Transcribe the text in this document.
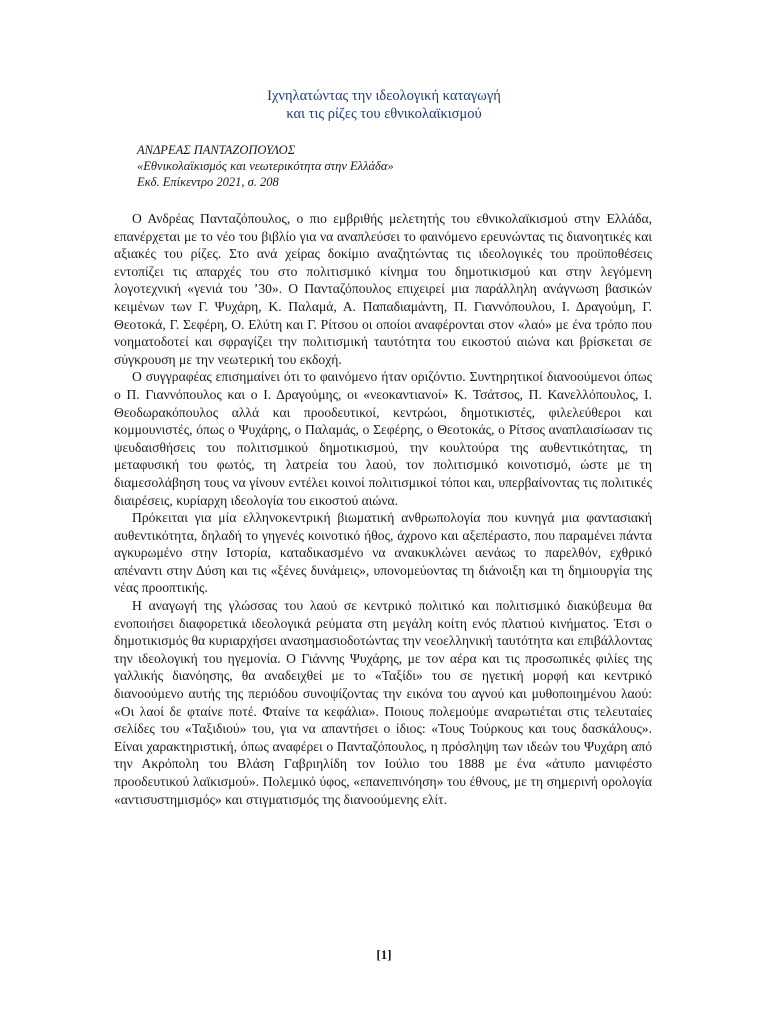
Ιχνηλατώντας την ιδεολογική καταγωγή
και τις ρίζες του εθνικολαϊκισμού
ΑΝΔΡΕΑΣ ΠΑΝΤΑΖΟΠΟΥΛΟΣ
«Εθνικολαϊκισμός και νεωτερικότητα στην Ελλάδα»
Εκδ. Επίκεντρο 2021, σ. 208

Ο Ανδρέας Πανταζόπουλος, ο πιο εμβριθής μελετητής του εθνικολαϊκισμού στην Ελλάδα, επανέρχεται με το νέο του βιβλίο για να αναπλεύσει το φαινόμενο ερευνώντας τις διανοητικές και αξιακές του ρίζες. Στο ανά χείρας δοκίμιο αναζητώντας τις ιδεολογικές του προϋποθέσεις εντοπίζει τις απαρχές του στο πολιτισμικό κίνημα του δημοτικισμού και στην λεγόμενη λογοτεχνική «γενιά του ’30». Ο Πανταζόπουλος επιχειρεί μια παράλληλη ανάγνωση βασικών κειμένων των Γ. Ψυχάρη, Κ. Παλαμά, Α. Παπαδιαμάντη, Π. Γιαννόπουλου, Ι. Δραγούμη, Γ. Θεοτοκά, Γ. Σεφέρη, Ο. Ελύτη και Γ. Ρίτσου οι οποίοι αναφέρονται στον «λαό» με ένα τρόπο που νοηματοδοτεί και σφραγίζει την πολιτισμική ταυτότητα του εικοστού αιώνα και βρίσκεται σε σύγκρουση με την νεωτερική του εκδοχή.

Ο συγγραφέας επισημαίνει ότι το φαινόμενο ήταν οριζόντιο. Συντηρητικοί διανοούμενοι όπως ο Π. Γιαννόπουλος και ο Ι. Δραγούμης, οι «νεοκαντιανοί» Κ. Τσάτσος, Π. Κανελλόπουλος, Ι. Θεοδωρακόπουλος αλλά και προοδευτικοί, κεντρώοι, δημοτικιστές, φιλελεύθεροι και κομμουνιστές, όπως ο Ψυχάρης, ο Παλαμάς, ο Σεφέρης, ο Θεοτοκάς, ο Ρίτσος αναπλαισίωσαν τις ψευδαισθήσεις του πολιτισμικού δημοτικισμού, την κουλτούρα της αυθεντικότητας, τη μεταφυσική του φωτός, τη λατρεία του λαού, τον πολιτισμικό κοινοτισμό, ώστε με τη διαμεσολάβηση τους να γίνουν εντέλει κοινοί πολιτισμικοί τόποι και, υπερβαίνοντας τις πολιτικές διαιρέσεις, κυρίαρχη ιδεολογία του εικοστού αιώνα.

Πρόκειται για μία ελληνοκεντρική βιωματική ανθρωπολογία που κυνηγά μια φαντασιακή αυθεντικότητα, δηλαδή το γηγενές κοινοτικό ήθος, άχρονο και αξεπέραστο, που παραμένει πάντα αγκυρωμένο στην Ιστορία, καταδικασμένο να ανακυκλώνει αενάως το παρελθόν, εχθρικό απέναντι στην Δύση και τις «ξένες δυνάμεις», υπονομεύοντας τη διάνοιξη και τη δημιουργία της νέας προοπτικής.

Η αναγωγή της γλώσσας του λαού σε κεντρικό πολιτικό και πολιτισμικό διακύβευμα θα ενοποιήσει διαφορετικά ιδεολογικά ρεύματα στη μεγάλη κοίτη ενός πλατιού κινήματος. Έτσι ο δημοτικισμός θα κυριαρχήσει ανασημασιοδοτώντας την νεοελληνική ταυτότητα και επιβάλλοντας την ιδεολογική του ηγεμονία. Ο Γιάννης Ψυχάρης, με τον αέρα και τις προσωπικές φιλίες της γαλλικής διανόησης, θα αναδειχθεί με το «Ταξίδι» του σε ηγετική μορφή και κεντρικό διανοούμενο αυτής της περιόδου συνοψίζοντας την εικόνα του αγνού και μυθοποιημένου λαού: «Οι λαοί δε φταίνε ποτέ. Φταίνε τα κεφάλια». Ποιους πολεμούμε αναρωτιέται στις τελευταίες σελίδες του «Ταξιδιού» του, για να απαντήσει ο ίδιος: «Τους Τούρκους και τους δασκάλους». Είναι χαρακτηριστική, όπως αναφέρει ο Πανταζόπουλος, η πρόσληψη των ιδεών του Ψυχάρη από την Ακρόπολη του Βλάση Γαβριηλίδη τον Ιούλιο του 1888 με ένα «άτυπο μανιφέστο προοδευτικού λαϊκισμού». Πολεμικό ύφος, «επανεπινόηση» του έθνους, με τη σημερινή ορολογία «αντισυστημισμός» και στιγματισμός της διανοούμενης ελίτ.

[1]
